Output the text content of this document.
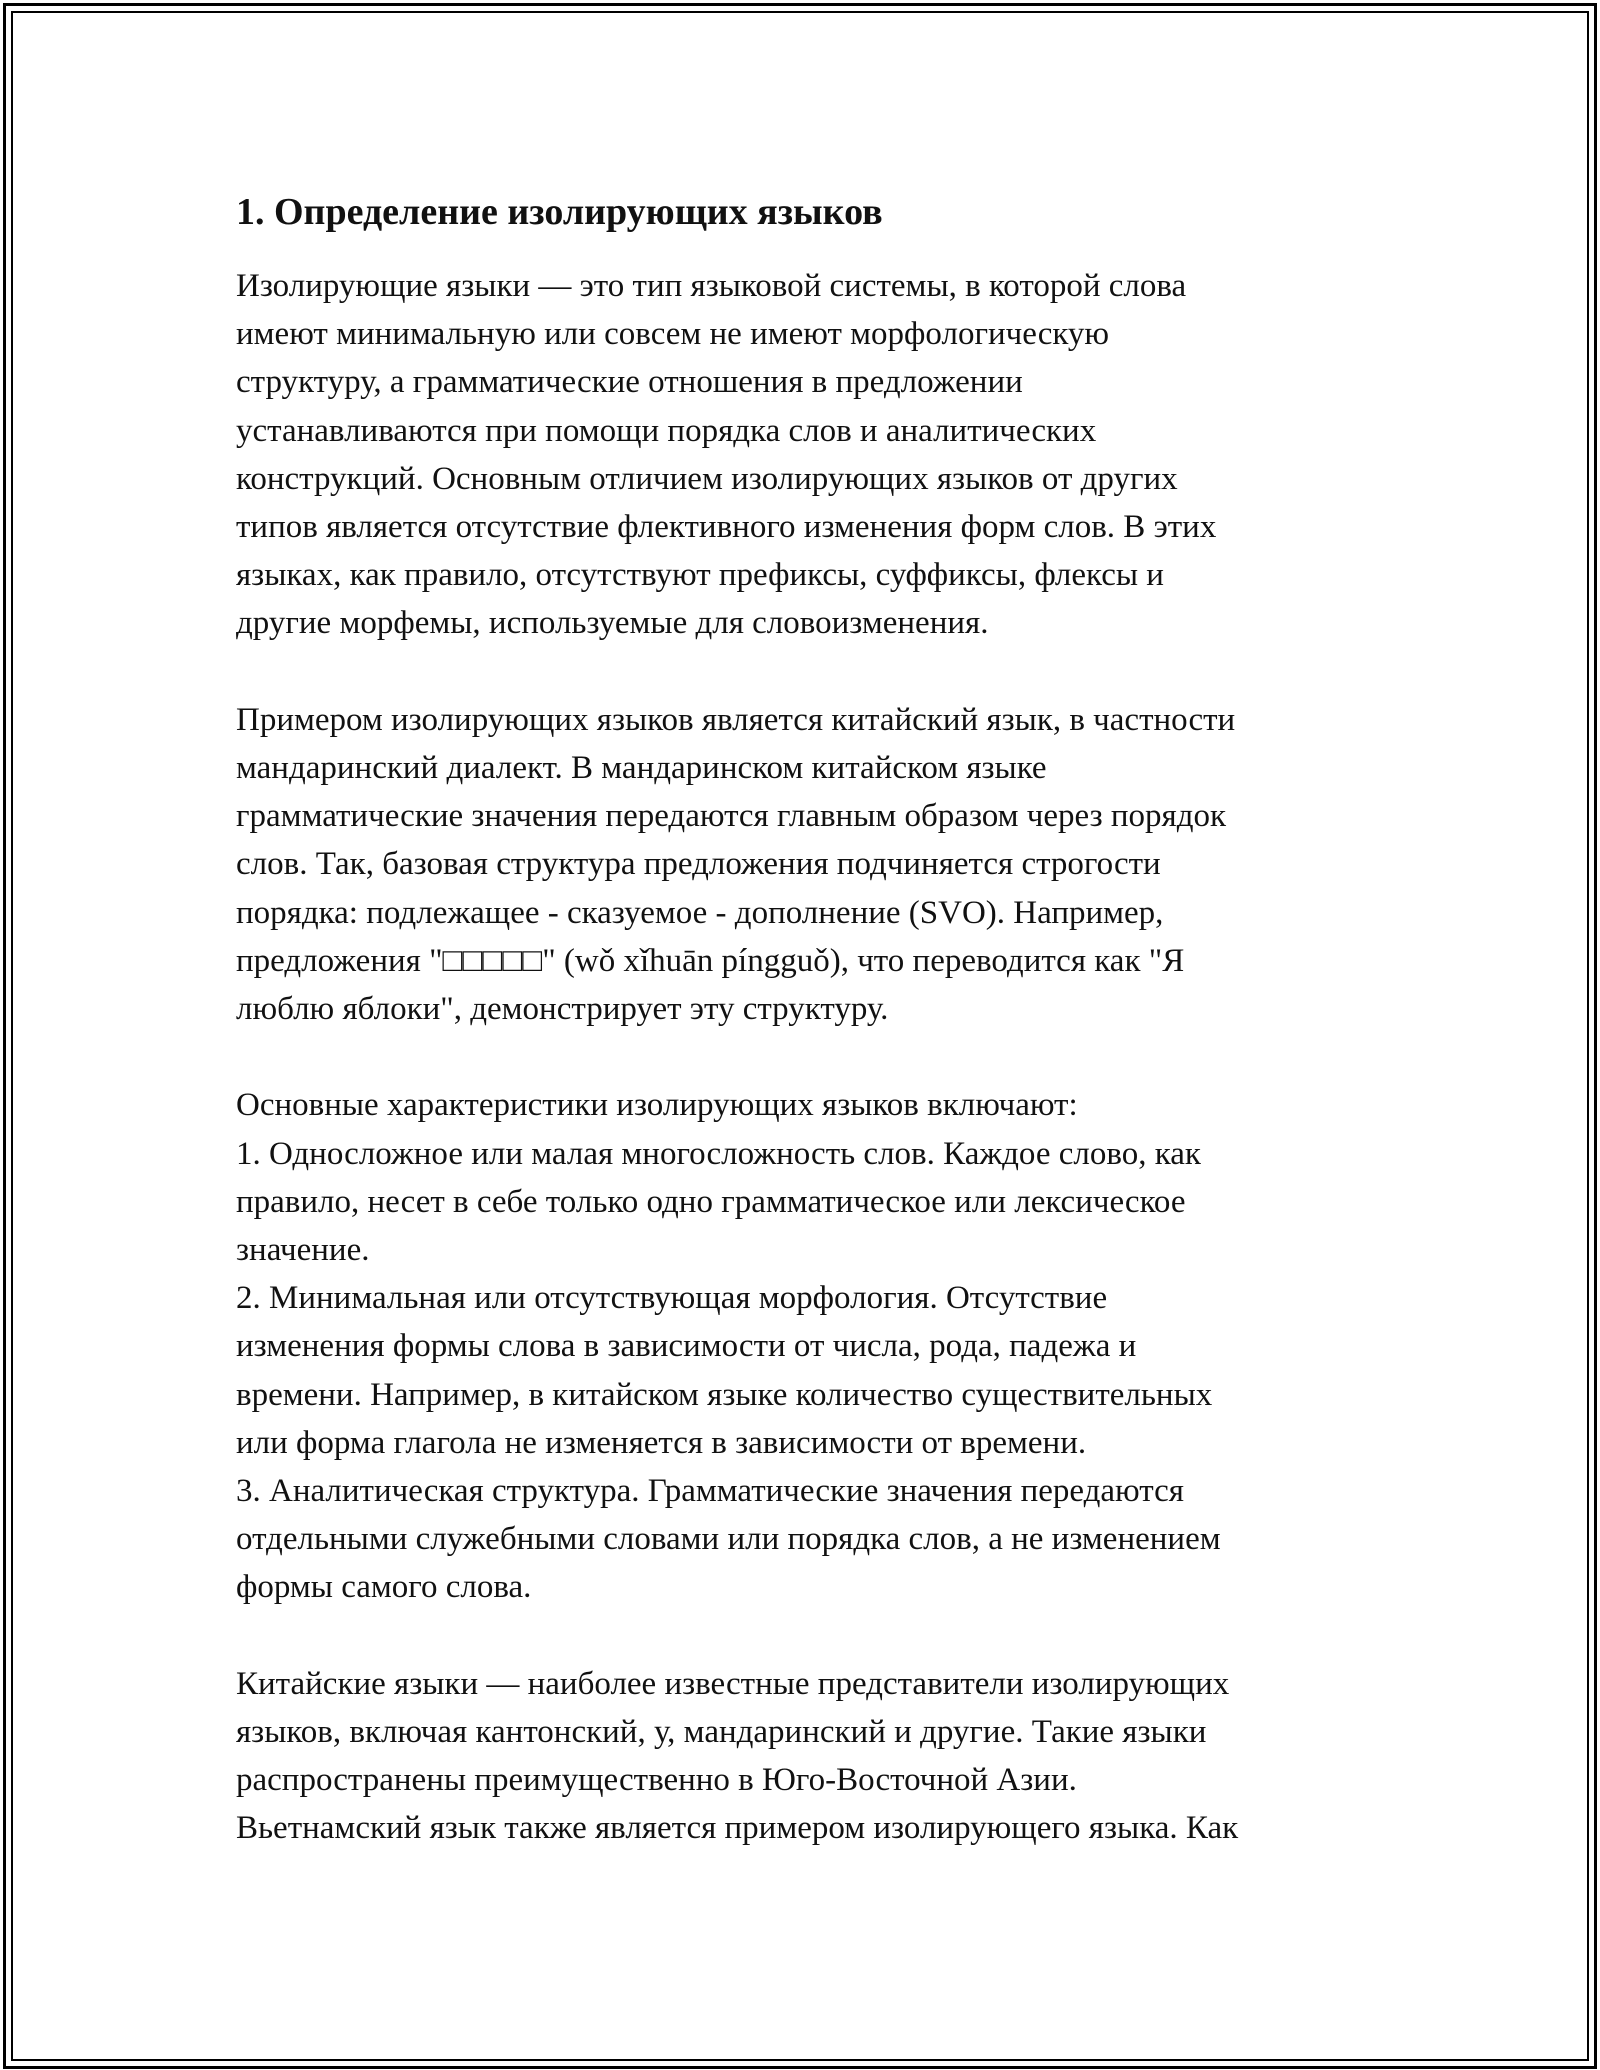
1. Определение изолирующих языков
Изолирующие языки — это тип языковой системы, в которой слова
имеют минимальную или совсем не имеют морфологическую
структуру, а грамматические отношения в предложении
устанавливаются при помощи порядка слов и аналитических
конструкций. Основным отличием изолирующих языков от других
типов является отсутствие флективного изменения форм слов. В этих
языках, как правило, отсутствуют префиксы, суффиксы, флексы и
другие морфемы, используемые для словоизменения.
Примером изолирующих языков является китайский язык, в частности
мандаринский диалект. В мандаринском китайском языке
грамматические значения передаются главным образом через порядок
слов. Так, базовая структура предложения подчиняется строгости
порядка: подлежащее - сказуемое - дополнение (SVO). Например,
предложения "□□□□□" (wǒ xǐhuān píngguǒ), что переводится как "Я
люблю яблоки", демонстрирует эту структуру.
Основные характеристики изолирующих языков включают:
1. Односложное или малая многосложность слов. Каждое слово, как
правило, несет в себе только одно грамматическое или лексическое
значение.
2. Минимальная или отсутствующая морфология. Отсутствие
изменения формы слова в зависимости от числа, рода, падежа и
времени. Например, в китайском языке количество существительных
или форма глагола не изменяется в зависимости от времени.
3. Аналитическая структура. Грамматические значения передаются
отдельными служебными словами или порядка слов, а не изменением
формы самого слова.
Китайские языки — наиболее известные представители изолирующих
языков, включая кантонский, у, мандаринский и другие. Такие языки
распространены преимущественно в Юго-Восточной Азии.
Вьетнамский язык также является примером изолирующего языка. Как
